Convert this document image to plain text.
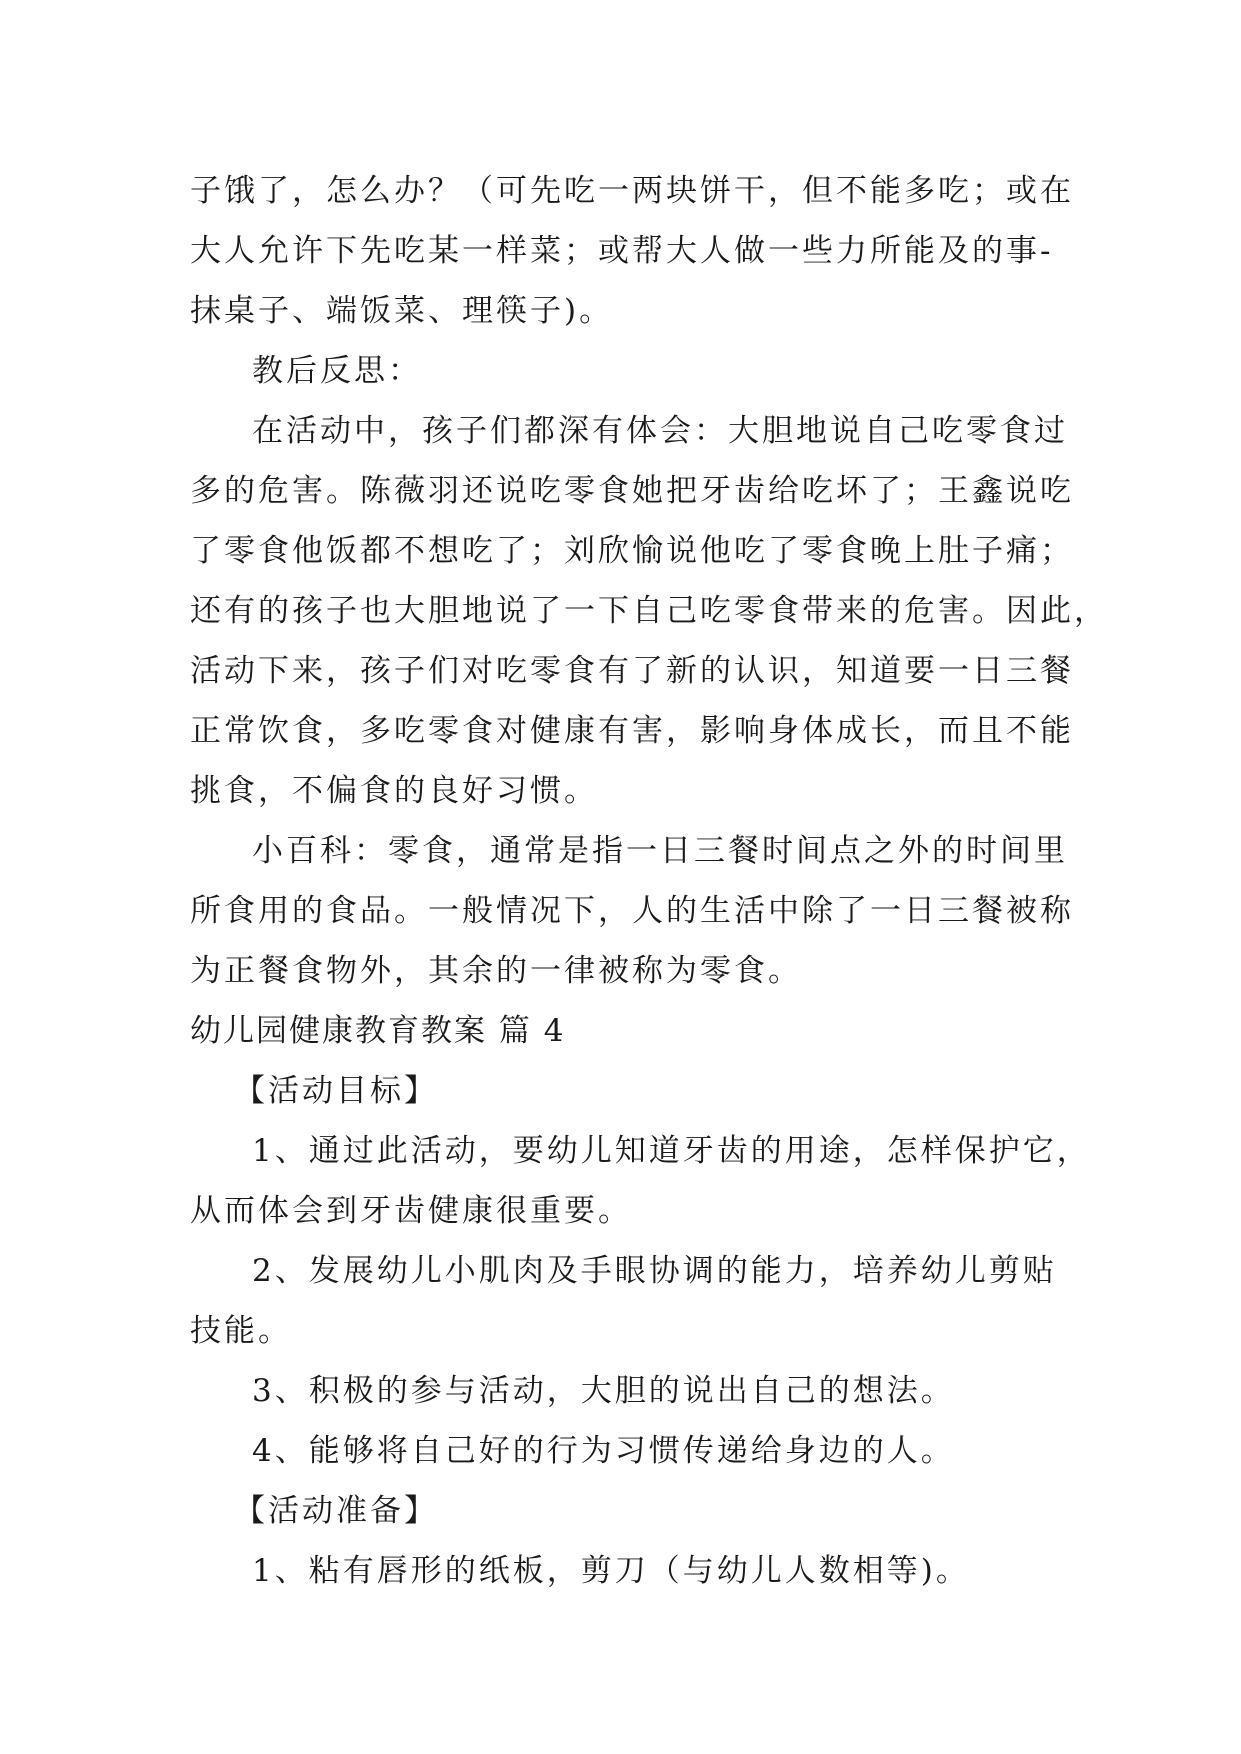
子饿了，怎么办？（可先吃一两块饼干，但不能多吃；或在
大人允许下先吃某一样菜；或帮大人做一些力所能及的事-
抹桌子、端饭菜、理筷子)。
教后反思：
在活动中，孩子们都深有体会：大胆地说自己吃零食过
多的危害。陈薇羽还说吃零食她把牙齿给吃坏了；王鑫说吃
了零食他饭都不想吃了；刘欣愉说他吃了零食晚上肚子痛；
还有的孩子也大胆地说了一下自己吃零食带来的危害。因此，
活动下来，孩子们对吃零食有了新的认识，知道要一日三餐
正常饮食，多吃零食对健康有害，影响身体成长，而且不能
挑食，不偏食的良好习惯。
小百科：零食，通常是指一日三餐时间点之外的时间里
所食用的食品。一般情况下，人的生活中除了一日三餐被称
为正餐食物外，其余的一律被称为零食。
幼儿园健康教育教案 篇 4
【活动目标】
1、通过此活动，要幼儿知道牙齿的用途，怎样保护它，
从而体会到牙齿健康很重要。
2、发展幼儿小肌肉及手眼协调的能力，培养幼儿剪贴
技能。
3、积极的参与活动，大胆的说出自己的想法。
4、能够将自己好的行为习惯传递给身边的人。
【活动准备】
1、粘有唇形的纸板，剪刀（与幼儿人数相等)。
